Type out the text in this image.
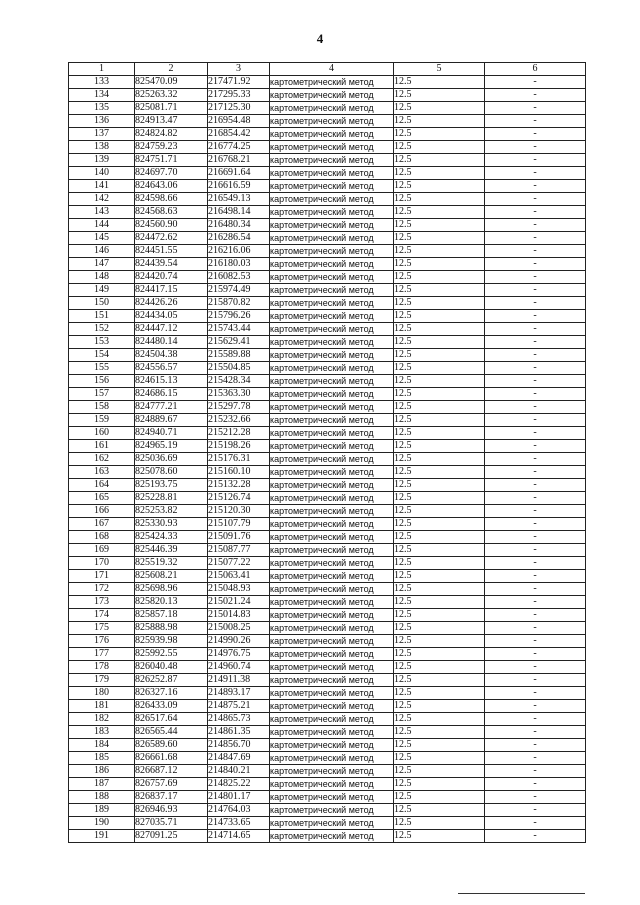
4
1	2	3	4	5	6
133	825470.09	217471.92	картометрический метод	12.5	-
134	825263.32	217295.33	картометрический метод	12.5	-
135	825081.71	217125.30	картометрический метод	12.5	-
136	824913.47	216954.48	картометрический метод	12.5	-
137	824824.82	216854.42	картометрический метод	12.5	-
138	824759.23	216774.25	картометрический метод	12.5	-
139	824751.71	216768.21	картометрический метод	12.5	-
140	824697.70	216691.64	картометрический метод	12.5	-
141	824643.06	216616.59	картометрический метод	12.5	-
142	824598.66	216549.13	картометрический метод	12.5	-
143	824568.63	216498.14	картометрический метод	12.5	-
144	824560.90	216480.34	картометрический метод	12.5	-
145	824472.62	216286.54	картометрический метод	12.5	-
146	824451.55	216216.06	картометрический метод	12.5	-
147	824439.54	216180.03	картометрический метод	12.5	-
148	824420.74	216082.53	картометрический метод	12.5	-
149	824417.15	215974.49	картометрический метод	12.5	-
150	824426.26	215870.82	картометрический метод	12.5	-
151	824434.05	215796.26	картометрический метод	12.5	-
152	824447.12	215743.44	картометрический метод	12.5	-
153	824480.14	215629.41	картометрический метод	12.5	-
154	824504.38	215589.88	картометрический метод	12.5	-
155	824556.57	215504.85	картометрический метод	12.5	-
156	824615.13	215428.34	картометрический метод	12.5	-
157	824686.15	215363.30	картометрический метод	12.5	-
158	824777.21	215297.78	картометрический метод	12.5	-
159	824889.67	215232.66	картометрический метод	12.5	-
160	824940.71	215212.28	картометрический метод	12.5	-
161	824965.19	215198.26	картометрический метод	12.5	-
162	825036.69	215176.31	картометрический метод	12.5	-
163	825078.60	215160.10	картометрический метод	12.5	-
164	825193.75	215132.28	картометрический метод	12.5	-
165	825228.81	215126.74	картометрический метод	12.5	-
166	825253.82	215120.30	картометрический метод	12.5	-
167	825330.93	215107.79	картометрический метод	12.5	-
168	825424.33	215091.76	картометрический метод	12.5	-
169	825446.39	215087.77	картометрический метод	12.5	-
170	825519.32	215077.22	картометрический метод	12.5	-
171	825608.21	215063.41	картометрический метод	12.5	-
172	825698.96	215048.93	картометрический метод	12.5	-
173	825820.13	215021.24	картометрический метод	12.5	-
174	825857.18	215014.83	картометрический метод	12.5	-
175	825888.98	215008.25	картометрический метод	12.5	-
176	825939.98	214990.26	картометрический метод	12.5	-
177	825992.55	214976.75	картометрический метод	12.5	-
178	826040.48	214960.74	картометрический метод	12.5	-
179	826252.87	214911.38	картометрический метод	12.5	-
180	826327.16	214893.17	картометрический метод	12.5	-
181	826433.09	214875.21	картометрический метод	12.5	-
182	826517.64	214865.73	картометрический метод	12.5	-
183	826565.44	214861.35	картометрический метод	12.5	-
184	826589.60	214856.70	картометрический метод	12.5	-
185	826661.68	214847.69	картометрический метод	12.5	-
186	826687.12	214840.21	картометрический метод	12.5	-
187	826757.69	214825.22	картометрический метод	12.5	-
188	826837.17	214801.17	картометрический метод	12.5	-
189	826946.93	214764.03	картометрический метод	12.5	-
190	827035.71	214733.65	картометрический метод	12.5	-
191	827091.25	214714.65	картометрический метод	12.5	-
